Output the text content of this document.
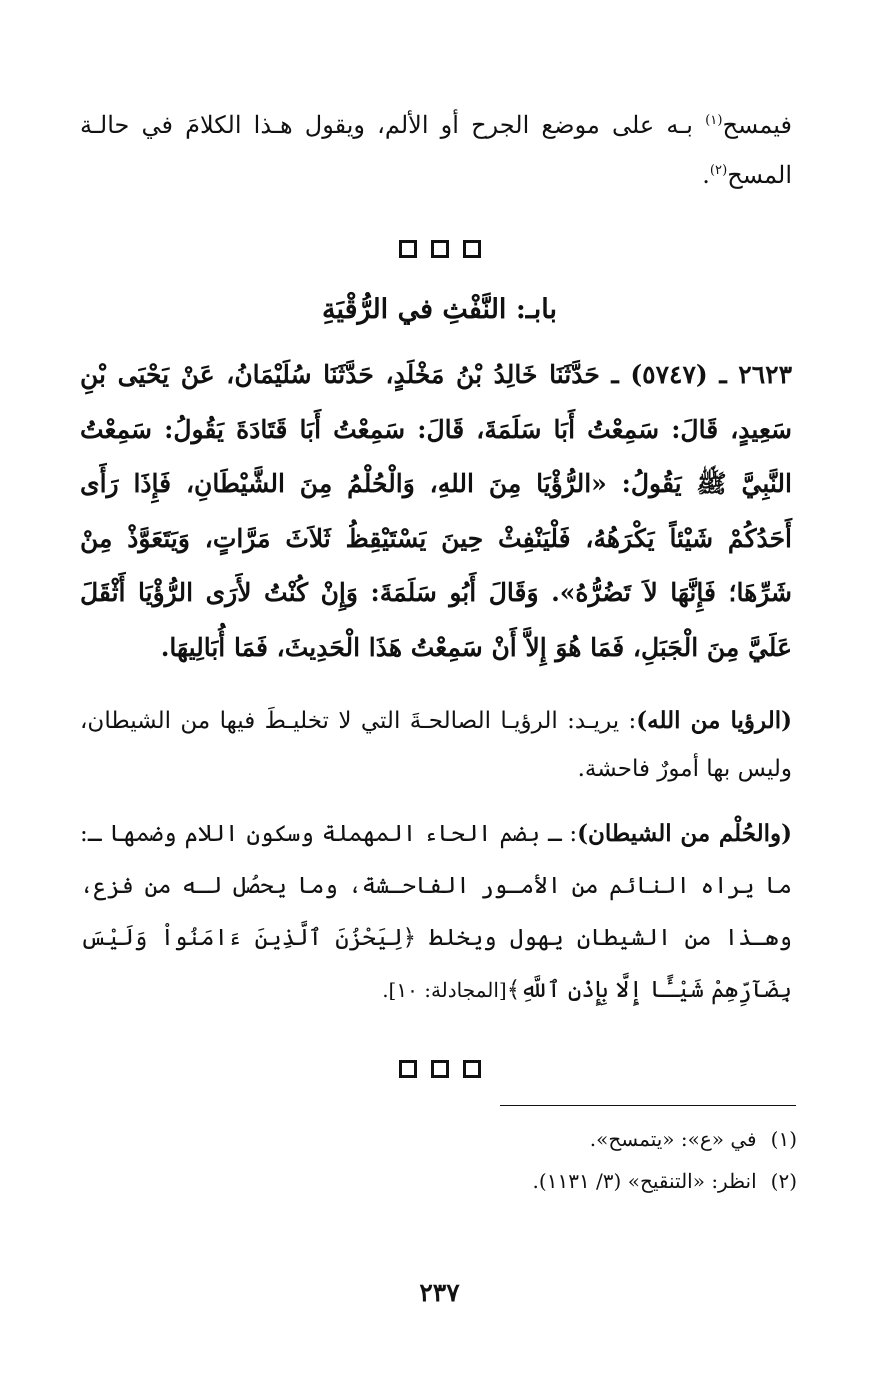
فيمسح$^{(١)}$ بـه على موضع الجرح أو الألم، ويقول هـذا الكلامَ في حالـة المسح$^{(٢)}$.

بابـ: النَّفْثِ في الرُّقْيَةِ

٢٦٢٣ ـ (٥٧٤٧) ـ حَدَّثَنَا خَالِدُ بْنُ مَخْلَدٍ، حَدَّثَنَا سُلَيْمَانُ، عَنْ يَحْيَى بْنِ سَعِيدٍ، قَالَ: سَمِعْتُ أَبَا سَلَمَةَ، قَالَ: سَمِعْتُ أَبَا قَتَادَةَ يَقُولُ: سَمِعْتُ النَّبِيَّ ﷺ يَقُولُ: «الرُّؤْيَا مِنَ اللهِ، وَالْحُلْمُ مِنَ الشَّيْطَانِ، فَإِذَا رَأَى أَحَدُكُمْ شَيْئاً يَكْرَهُهُ، فَلْيَنْفِثْ حِينَ يَسْتَيْقِظُ ثَلاَثَ مَرَّاتٍ، وَيَتَعَوَّذْ مِنْ شَرِّهَا؛ فَإِنَّهَا لاَ تَضُرُّهُ». وَقَالَ أَبُو سَلَمَةَ: وَإِنْ كُنْتُ لأَرَى الرُّؤْيَا أَثْقَلَ عَلَيَّ مِنَ الْجَبَلِ، فَمَا هُوَ إِلاَّ أَنْ سَمِعْتُ هَذَا الْحَدِيثَ، فَمَا أُبَالِيهَا.

(الرؤيا من الله): يريـد: الرؤيـا الصالحـةَ التي لا تخليـطَ فيها من الشيطان، وليس بها أمورٌ فاحشة.

(والحُلْم من الشيطان): ـ بضم الحاء المهملة وسكون اللام وضمها ـ: ما يراه النائم من الأمـور الفاحـشة، وما يحصُل لـه من فزع، وهـذا من الشيطان يهول ويخلط ﴿لِيَحْزُنَ ٱلَّذِينَ ءَامَنُواْ وَلَيْسَ بِضَآرِّهِمْ شَيْـًٔا إِلَّا بِإِذْنِ ٱللَّهِ﴾[المجادلة: ١٠].

(١)في «ع»: «يتمسح».
(٢)انظر: «التنقيح» (٣/ ١١٣١).
٢٣٧
